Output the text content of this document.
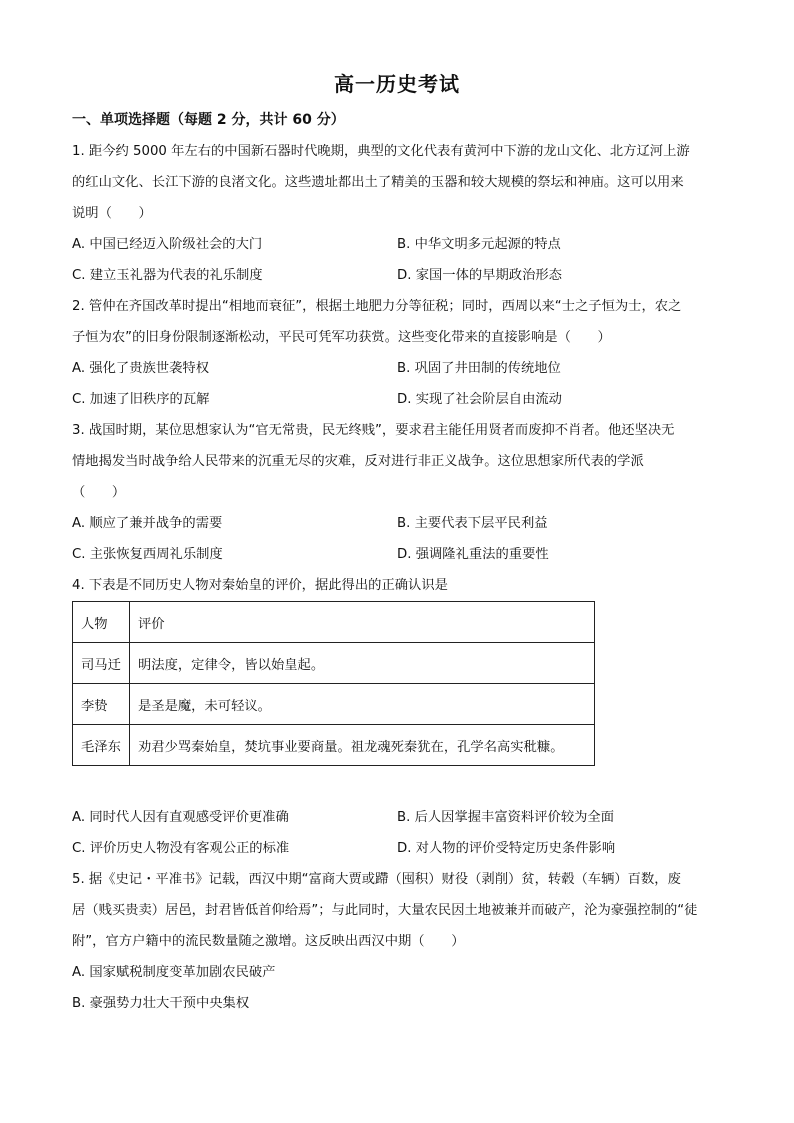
高一历史考试
一、单项选择题（每题 2 分，共计 60 分）
1. 距今约 5000 年左右的中国新石器时代晚期，典型的文化代表有黄河中下游的龙山文化、北方辽河上游
的红山文化、长江下游的良渚文化。这些遗址都出土了精美的玉器和较大规模的祭坛和神庙。这可以用来
说明（　　）
A. 中国已经迈入阶级社会的大门	B. 中华文明多元起源的特点
C. 建立玉礼器为代表的礼乐制度	D. 家国一体的早期政治形态
2. 管仲在齐国改革时提出“相地而衰征”，根据土地肥力分等征税；同时，西周以来“士之子恒为士，农之
子恒为农”的旧身份限制逐渐松动，平民可凭军功获赏。这些变化带来的直接影响是（　　）
A. 强化了贵族世袭特权	B. 巩固了井田制的传统地位
C. 加速了旧秩序的瓦解	D. 实现了社会阶层自由流动
3. 战国时期，某位思想家认为“官无常贵，民无终贱”，要求君主能任用贤者而废抑不肖者。他还坚决无
情地揭发当时战争给人民带来的沉重无尽的灾难，反对进行非正义战争。这位思想家所代表的学派
（　　）
A. 顺应了兼并战争的需要	B. 主要代表下层平民利益
C. 主张恢复西周礼乐制度	D. 强调隆礼重法的重要性
4. 下表是不同历史人物对秦始皇的评价，据此得出的正确认识是
人物	评价
司马迁	明法度，定律令，皆以始皇起。
李贽	是圣是魔，未可轻议。
毛泽东	劝君少骂秦始皇，焚坑事业要商量。祖龙魂死秦犹在，孔学名高实秕糠。
A. 同时代人因有直观感受评价更准确	B. 后人因掌握丰富资料评价较为全面
C. 评价历史人物没有客观公正的标准	D. 对人物的评价受特定历史条件影响
5. 据《史记・平准书》记载，西汉中期“富商大贾或蹛（囤积）财役（剥削）贫，转毂（车辆）百数，废
居（贱买贵卖）居邑，封君皆低首仰给焉”；与此同时，大量农民因土地被兼并而破产，沦为豪强控制的“徒
附”，官方户籍中的流民数量随之激增。这反映出西汉中期（　　）
A. 国家赋税制度变革加剧农民破产
B. 豪强势力壮大干预中央集权
